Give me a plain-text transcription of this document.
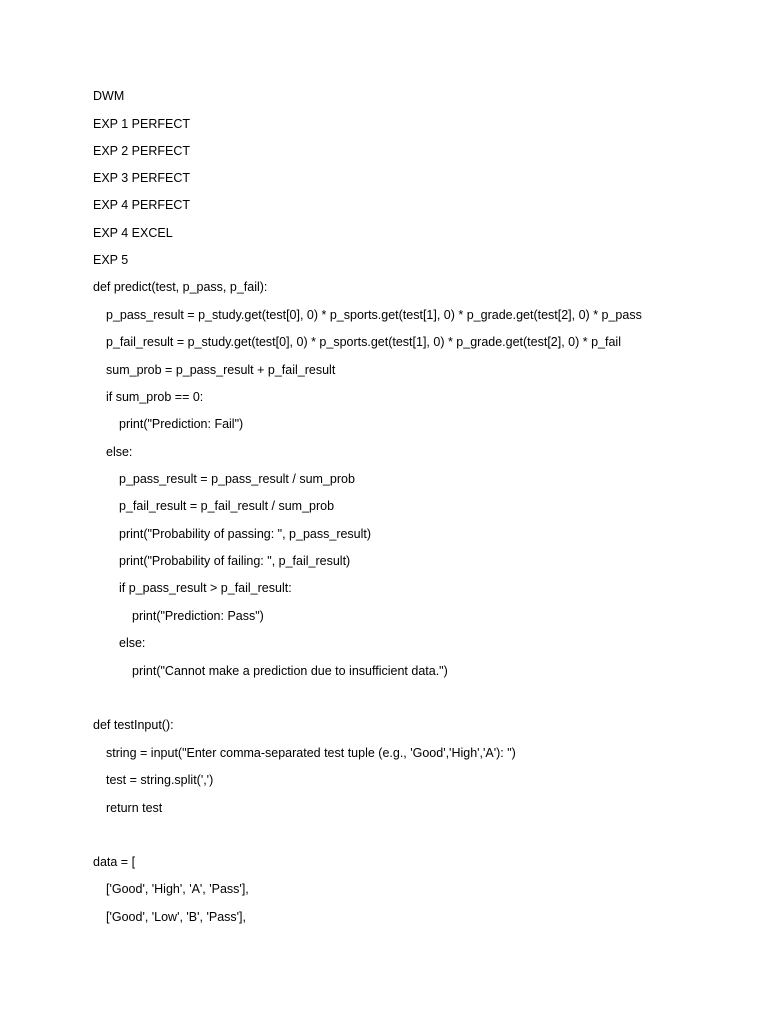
DWM
EXP 1 PERFECT
EXP 2 PERFECT
EXP 3 PERFECT
EXP 4 PERFECT
EXP 4 EXCEL
EXP 5
def predict(test, p_pass, p_fail):
p_pass_result = p_study.get(test[0], 0) * p_sports.get(test[1], 0) * p_grade.get(test[2], 0) * p_pass
p_fail_result = p_study.get(test[0], 0) * p_sports.get(test[1], 0) * p_grade.get(test[2], 0) * p_fail
sum_prob = p_pass_result + p_fail_result
if sum_prob == 0:
print("Prediction: Fail")
else:
p_pass_result = p_pass_result / sum_prob
p_fail_result = p_fail_result / sum_prob
print("Probability of passing: ", p_pass_result)
print("Probability of failing: ", p_fail_result)
if p_pass_result > p_fail_result:
print("Prediction: Pass")
else:
print("Cannot make a prediction due to insufficient data.")
def testInput():
string = input("Enter comma-separated test tuple (e.g., 'Good','High','A'): ")
test = string.split(',')
return test
data = [
['Good', 'High', 'A', 'Pass'],
['Good', 'Low', 'B', 'Pass'],
